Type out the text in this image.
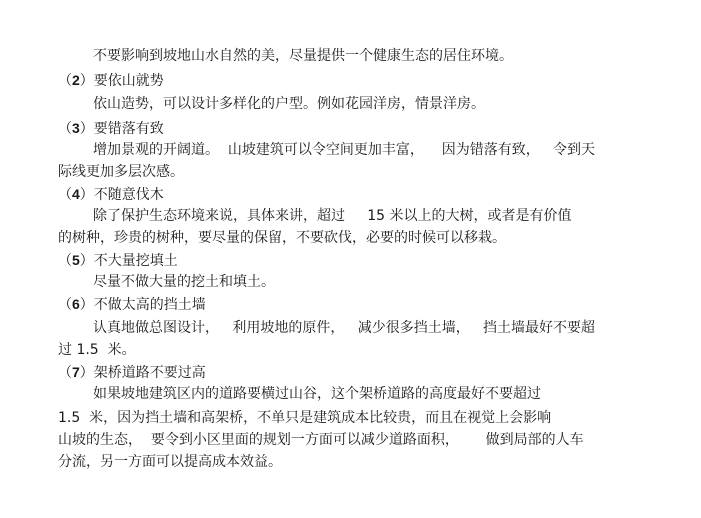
不要影响到坡地山水自然的美，尽量提供一个健康生态的居住环境。
（2）要依山就势
依山造势，可以设计多样化的户型。例如花园洋房，情景洋房。
（3）要错落有致
增加景观的开阔道。  山坡建筑可以令空间更加丰富，    因为错落有致，   令到天
际线更加多层次感。
（4）不随意伐木
除了保护生态环境来说，具体来讲，超过     15 米以上的大树，或者是有价值
的树种，珍贵的树种，要尽量的保留，不要砍伐，必要的时候可以移栽。
（5）不大量挖填土
尽量不做大量的挖土和填土。
（6）不做太高的挡土墙
认真地做总图设计，   利用坡地的原件，   减少很多挡土墙，   挡土墙最好不要超
过 1.5  米。
（7）架桥道路不要过高
如果坡地建筑区内的道路要横过山谷，这个架桥道路的高度最好不要超过
1.5  米，因为挡土墙和高架桥，不单只是建筑成本比较贵，而且在视觉上会影响
山坡的生态，  要令到小区里面的规划一方面可以减少道路面积，      做到局部的人车
分流，另一方面可以提高成本效益。
